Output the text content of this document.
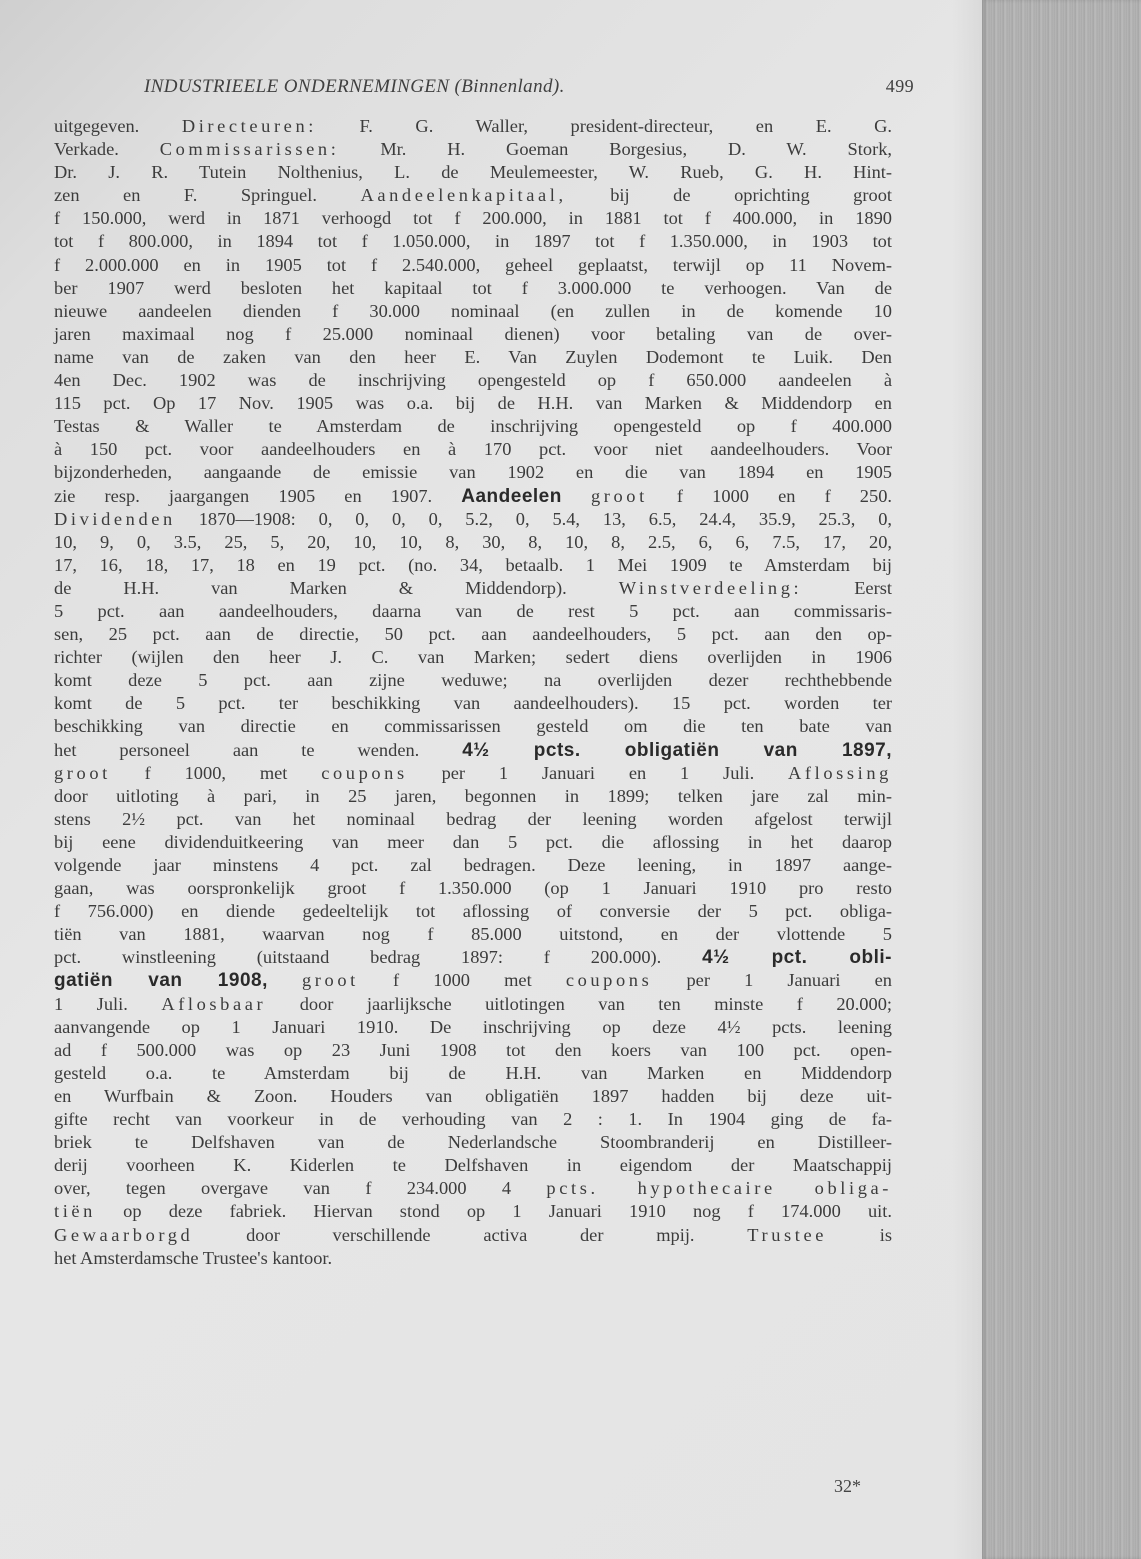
INDUSTRIEELE ONDERNEMINGEN (Binnenland).	499
uitgegeven. Directeuren: F. G. Waller, president-directeur, en E. G.
Verkade. Commissarissen: Mr. H. Goeman Borgesius, D. W. Stork,
Dr. J. R. Tutein Nolthenius, L. de Meulemeester, W. Rueb, G. H. Hint-
zen en F. Springuel. Aandeelenkapitaal, bij de oprichting groot
f 150.000, werd in 1871 verhoogd tot f 200.000, in 1881 tot f 400.000, in 1890
tot f 800.000, in 1894 tot f 1.050.000, in 1897 tot f 1.350.000, in 1903 tot
f 2.000.000 en in 1905 tot f 2.540.000, geheel geplaatst, terwijl op 11 Novem-
ber 1907 werd besloten het kapitaal tot f 3.000.000 te verhoogen. Van de
nieuwe aandeelen dienden f 30.000 nominaal (en zullen in de komende 10
jaren maximaal nog f 25.000 nominaal dienen) voor betaling van de over-
name van de zaken van den heer E. Van Zuylen Dodemont te Luik. Den
4en Dec. 1902 was de inschrijving opengesteld op f 650.000 aandeelen à
115 pct. Op 17 Nov. 1905 was o.a. bij de H.H. van Marken & Middendorp en
Testas & Waller te Amsterdam de inschrijving opengesteld op f 400.000
à 150 pct. voor aandeelhouders en à 170 pct. voor niet aandeelhouders. Voor
bijzonderheden, aangaande de emissie van 1902 en die van 1894 en 1905
zie resp. jaargangen 1905 en 1907. Aandeelen groot f 1000 en f 250.
Dividenden 1870—1908: 0, 0, 0, 0, 5.2, 0, 5.4, 13, 6.5, 24.4, 35.9, 25.3, 0,
10, 9, 0, 3.5, 25, 5, 20, 10, 10, 8, 30, 8, 10, 8, 2.5, 6, 6, 7.5, 17, 20,
17, 16, 18, 17, 18 en 19 pct. (no. 34, betaalb. 1 Mei 1909 te Amsterdam bij
de H.H. van Marken & Middendorp). Winstverdeeling: Eerst
5 pct. aan aandeelhouders, daarna van de rest 5 pct. aan commissaris-
sen, 25 pct. aan de directie, 50 pct. aan aandeelhouders, 5 pct. aan den op-
richter (wijlen den heer J. C. van Marken; sedert diens overlijden in 1906
komt deze 5 pct. aan zijne weduwe; na overlijden dezer rechthebbende
komt de 5 pct. ter beschikking van aandeelhouders). 15 pct. worden ter
beschikking van directie en commissarissen gesteld om die ten bate van
het personeel aan te wenden. 4½ pcts. obligatiën van 1897,
groot f 1000, met coupons per 1 Januari en 1 Juli. Aflossing
door uitloting à pari, in 25 jaren, begonnen in 1899; telken jare zal min-
stens 2½ pct. van het nominaal bedrag der leening worden afgelost terwijl
bij eene dividenduitkeering van meer dan 5 pct. die aflossing in het daarop
volgende jaar minstens 4 pct. zal bedragen. Deze leening, in 1897 aange-
gaan, was oorspronkelijk groot f 1.350.000 (op 1 Januari 1910 pro resto
f 756.000) en diende gedeeltelijk tot aflossing of conversie der 5 pct. obliga-
tiën van 1881, waarvan nog f 85.000 uitstond, en der vlottende 5
pct. winstleening (uitstaand bedrag 1897: f 200.000). 4½ pct. obli-
gatiën van 1908, groot f 1000 met coupons per 1 Januari en
1 Juli. Aflosbaar door jaarlijksche uitlotingen van ten minste f 20.000;
aanvangende op 1 Januari 1910. De inschrijving op deze 4½ pcts. leening
ad f 500.000 was op 23 Juni 1908 tot den koers van 100 pct. open-
gesteld o.a. te Amsterdam bij de H.H. van Marken en Middendorp
en Wurfbain & Zoon. Houders van obligatiën 1897 hadden bij deze uit-
gifte recht van voorkeur in de verhouding van 2 : 1. In 1904 ging de fa-
briek te Delfshaven van de Nederlandsche Stoombranderij en Distilleer-
derij voorheen K. Kiderlen te Delfshaven in eigendom der Maatschappij
over, tegen overgave van f 234.000 4 pcts. hypothecaire obliga-
tiën op deze fabriek. Hiervan stond op 1 Januari 1910 nog f 174.000 uit.
Gewaarborgd door verschillende activa der mpij. Trustee is
het Amsterdamsche Trustee's kantoor.
32*
